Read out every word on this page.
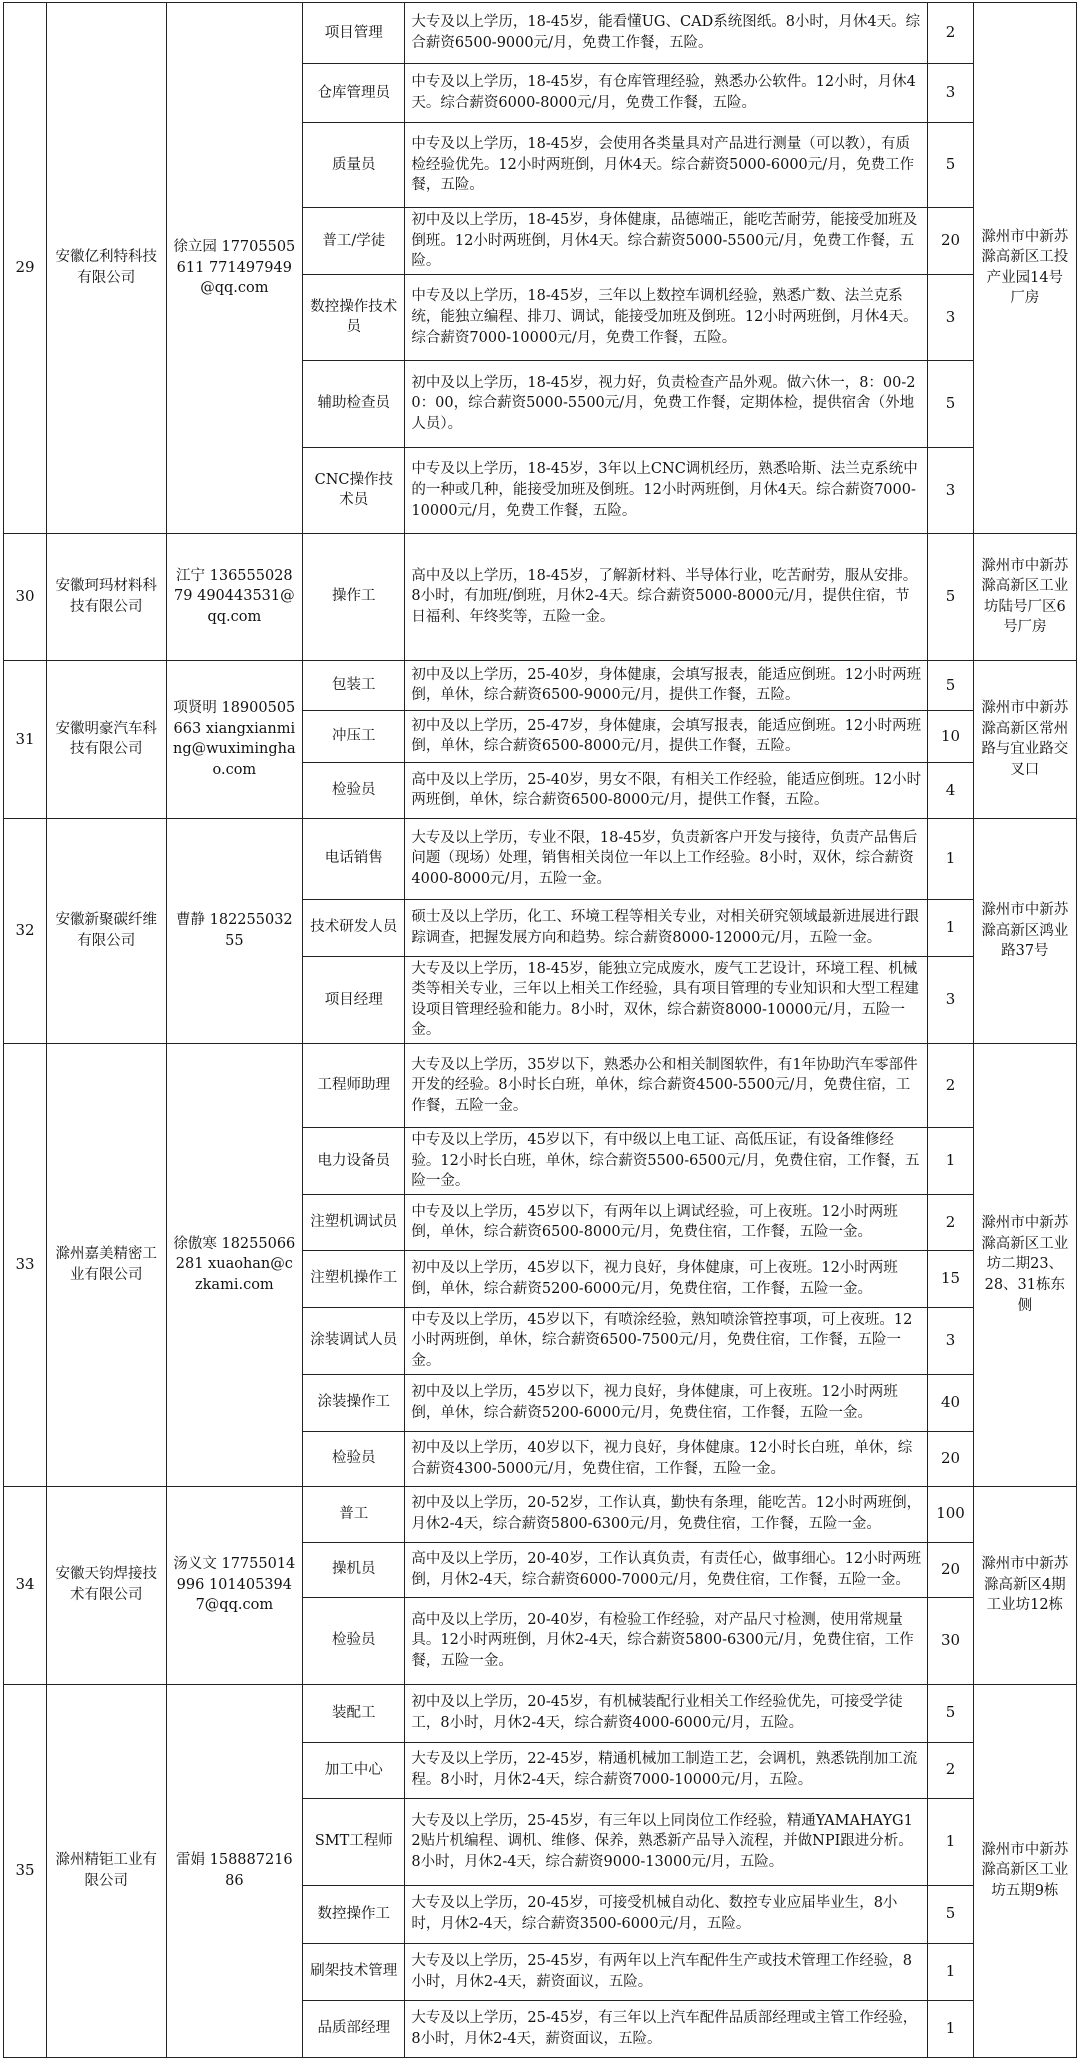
29	安徽亿利特科技有限公司	徐立园 17705505611 771497949@qq.com	项目管理	大专及以上学历，18-45岁，能看懂UG、CAD系统图纸。8小时，月休4天。综合薪资6500-9000元/月，免费工作餐，五险。	2	滁州市中新苏滁高新区工投产业园14号厂房
			仓库管理员	中专及以上学历，18-45岁，有仓库管理经验，熟悉办公软件。12小时，月休4天。综合薪资6000-8000元/月，免费工作餐，五险。	3	
			质量员	中专及以上学历，18-45岁，会使用各类量具对产品进行测量（可以教），有质检经验优先。12小时两班倒，月休4天。综合薪资5000-6000元/月，免费工作餐，五险。	5	
			普工/学徒	初中及以上学历，18-45岁，身体健康，品德端正，能吃苦耐劳，能接受加班及倒班。12小时两班倒，月休4天。综合薪资5000-5500元/月，免费工作餐，五险。	20	
			数控操作技术员	中专及以上学历，18-45岁，三年以上数控车调机经验，熟悉广数、法兰克系统，能独立编程、排刀、调试，能接受加班及倒班。12小时两班倒，月休4天。综合薪资7000-10000元/月，免费工作餐，五险。	3	
			辅助检查员	初中及以上学历，18-45岁，视力好，负责检查产品外观。做六休一，8：00-20：00，综合薪资5000-5500元/月，免费工作餐，定期体检，提供宿舍（外地人员）。	5	
			CNC操作技术员	中专及以上学历，18-45岁，3年以上CNC调机经历，熟悉哈斯、法兰克系统中的一种或几种，能接受加班及倒班。12小时两班倒，月休4天。综合薪资7000-10000元/月，免费工作餐，五险。	3	
30	安徽珂玛材料科技有限公司	江宁 13655502879 490443531@qq.com	操作工	高中及以上学历，18-45岁，了解新材料、半导体行业，吃苦耐劳，服从安排。8小时，有加班/倒班，月休2-4天。综合薪资5000-8000元/月，提供住宿，节日福利、年终奖等，五险一金。	5	滁州市中新苏滁高新区工业坊陆号厂区6号厂房
31	安徽明豪汽车科技有限公司	项贤明 18900505663 xiangxianming@wuximinghao.com	包装工	初中及以上学历，25-40岁，身体健康，会填写报表，能适应倒班。12小时两班倒，单休，综合薪资6500-9000元/月，提供工作餐，五险。	5	滁州市中新苏滁高新区常州路与宜业路交叉口
			冲压工	初中及以上学历，25-47岁，身体健康，会填写报表，能适应倒班。12小时两班倒，单休，综合薪资6500-8000元/月，提供工作餐，五险。	10	
			检验员	高中及以上学历，25-40岁，男女不限，有相关工作经验，能适应倒班。12小时两班倒，单休，综合薪资6500-8000元/月，提供工作餐，五险。	4	
32	安徽新聚碳纤维有限公司	曹静 18225503255	电话销售	大专及以上学历，专业不限，18-45岁，负责新客户开发与接待，负责产品售后问题（现场）处理，销售相关岗位一年以上工作经验。8小时，双休，综合薪资4000-8000元/月，五险一金。	1	滁州市中新苏滁高新区鸿业路37号
			技术研发人员	硕士及以上学历，化工、环境工程等相关专业，对相关研究领域最新进展进行跟踪调查，把握发展方向和趋势。综合薪资8000-12000元/月，五险一金。	1	
			项目经理	大专及以上学历，18-45岁，能独立完成废水，废气工艺设计，环境工程、机械类等相关专业，三年以上相关工作经验，具有项目管理的专业知识和大型工程建设项目管理经验和能力。8小时，双休，综合薪资8000-10000元/月，五险一金。	3	
33	滁州嘉美精密工业有限公司	徐傲寒 18255066281 xuaohan@czkami.com	工程师助理	大专及以上学历，35岁以下，熟悉办公和相关制图软件，有1年协助汽车零部件开发的经验。8小时长白班，单休，综合薪资4500-5500元/月，免费住宿，工作餐，五险一金。	2	滁州市中新苏滁高新区工业坊二期23、28、31栋东侧
			电力设备员	中专及以上学历，45岁以下，有中级以上电工证、高低压证，有设备维修经验。12小时长白班，单休，综合薪资5500-6500元/月，免费住宿，工作餐，五险一金。	1	
			注塑机调试员	中专及以上学历，45岁以下，有两年以上调试经验，可上夜班。12小时两班倒，单休，综合薪资6500-8000元/月，免费住宿，工作餐，五险一金。	2	
			注塑机操作工	初中及以上学历，45岁以下，视力良好，身体健康，可上夜班。12小时两班倒，单休，综合薪资5200-6000元/月，免费住宿，工作餐，五险一金。	15	
			涂装调试人员	中专及以上学历，45岁以下，有喷涂经验，熟知喷涂管控事项，可上夜班。12小时两班倒，单休，综合薪资6500-7500元/月，免费住宿，工作餐，五险一金。	3	
			涂装操作工	初中及以上学历，45岁以下，视力良好，身体健康，可上夜班。12小时两班倒，单休，综合薪资5200-6000元/月，免费住宿，工作餐，五险一金。	40	
			检验员	初中及以上学历，40岁以下，视力良好，身体健康。12小时长白班，单休，综合薪资4300-5000元/月，免费住宿，工作餐，五险一金。	20	
34	安徽天钧焊接技术有限公司	汤义文 17755014996 1014053947@qq.com	普工	初中及以上学历，20-52岁，工作认真，勤快有条理，能吃苦。12小时两班倒，月休2-4天，综合薪资5800-6300元/月，免费住宿，工作餐，五险一金。	100	滁州市中新苏滁高新区4期工业坊12栋
			操机员	高中及以上学历，20-40岁，工作认真负责，有责任心，做事细心。12小时两班倒，月休2-4天，综合薪资6000-7000元/月，免费住宿，工作餐，五险一金。	20	
			检验员	高中及以上学历，20-40岁，有检验工作经验，对产品尺寸检测，使用常规量具。12小时两班倒，月休2-4天，综合薪资5800-6300元/月，免费住宿，工作餐，五险一金。	30	
35	滁州精钜工业有限公司	雷娟 15888721686	装配工	初中及以上学历，20-45岁，有机械装配行业相关工作经验优先，可接受学徒工，8小时，月休2-4天，综合薪资4000-6000元/月，五险。	5	滁州市中新苏滁高新区工业坊五期9栋
			加工中心	大专及以上学历，22-45岁，精通机械加工制造工艺，会调机，熟悉铣削加工流程。8小时，月休2-4天，综合薪资7000-10000元/月，五险。	2	
			SMT工程师	大专及以上学历，25-45岁，有三年以上同岗位工作经验，精通YAMAHAYG12贴片机编程、调机、维修、保养，熟悉新产品导入流程，并做NPI跟进分析。8小时，月休2-4天，综合薪资9000-13000元/月，五险。	1	
			数控操作工	大专及以上学历，20-45岁，可接受机械自动化、数控专业应届毕业生，8小时，月休2-4天，综合薪资3500-6000元/月，五险。	5	
			刷架技术管理	大专及以上学历，25-45岁，有两年以上汽车配件生产或技术管理工作经验，8小时，月休2-4天，薪资面议，五险。	1	
			品质部经理	大专及以上学历，25-45岁，有三年以上汽车配件品质部经理或主管工作经验，8小时，月休2-4天，薪资面议，五险。	1	
